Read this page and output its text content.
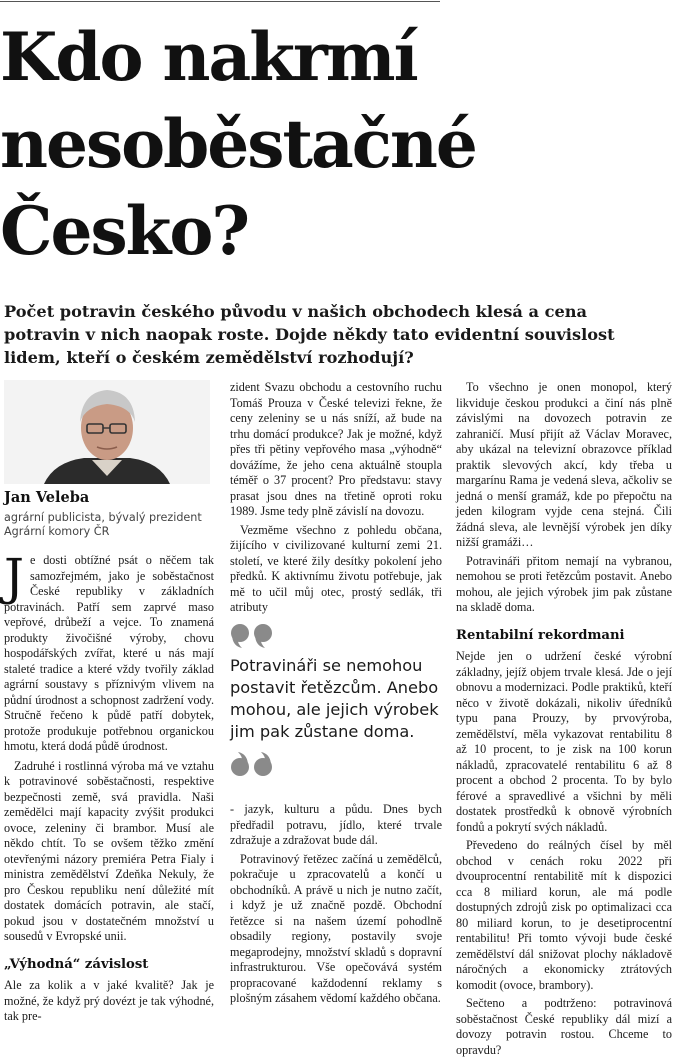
Kdo nakrmí nesoběstačné Česko?

Počet potravin českého původu v našich obchodech klesá a cena potravin v nich naopak roste. Dojde někdy tato evidentní souvislost lidem, kteří o českém zemědělství rozhodují?

Jan Veleba

agrární publicista, bývalý prezident Agrární komory ČR

Je dosti obtížné psát o něčem tak samozřejmém, jako je soběstačnost České republiky v základních potravinách. Patří sem zaprvé maso vepřové, drůbeží a vejce. To znamená produkty živočišné výroby, chovu hospodářských zvířat, které u nás mají staleté tradice a které vždy tvořily základ agrární soustavy s příznivým vlivem na půdní úrodnost a schopnost zadržení vody. Stručně řečeno k půdě patří dobytek, protože produkuje potřebnou organickou hmotu, která dodá půdě úrodnost.

Zadruhé i rostlinná výroba má ve vztahu k potravinové soběstačnosti, respektive bezpečnosti země, svá pravidla. Naši zemědělci mají kapacity zvýšit produkci ovoce, zeleniny či brambor. Musí ale někdo chtít. To se ovšem těžko změní otevřenými názory premiéra Petra Fialy i ministra zemědělství Zdeňka Nekuly, že pro Českou republiku není důležité mít dostatek domácích potravin, ale stačí, pokud jsou v dostatečném množství u sousedů v Evropské unii.

„Výhodná“ závislost

Ale za kolik a v jaké kvalitě? Jak je možné, že když prý dovézt je tak výhodné, tak pre-

zident Svazu obchodu a cestovního ruchu Tomáš Prouza v České televizi řekne, že ceny zeleniny se u nás sníží, až bude na trhu domácí produkce? Jak je možné, když přes tři pětiny vepřového masa „výhodně“ dovážíme, že jeho cena aktuálně stoupla téměř o 37 procent? Pro představu: stavy prasat jsou dnes na třetině oproti roku 1989. Jsme tedy plně závislí na dovozu.

Vezměme všechno z pohledu občana, žijícího v civilizované kulturní zemi 21. století, ve které žily desítky pokolení jeho předků. K aktivnímu životu potřebuje, jak mě to učil můj otec, prostý sedlák, tři atributy

Potravináři se nemohou postavit řetězcům. Anebo mohou, ale jejich výrobek jim pak zůstane doma.

- jazyk, kulturu a půdu. Dnes bych předřadil potravu, jídlo, které trvale zdražuje a zdražovat bude dál.

Potravinový řetězec začíná u zemědělců, pokračuje u zpracovatelů a končí u obchodníků. A právě u nich je nutno začít, i když je už značně pozdě. Obchodní řetězce si na našem území pohodlně obsadily regiony, postavily svoje megaprodejny, množství skladů s dopravní infrastrukturou. Vše opečovává systém propracované každodenní reklamy s plošným zásahem vědomí každého občana.

To všechno je onen monopol, který likviduje českou produkci a činí nás plně závislými na dovozech potravin ze zahraničí. Musí přijít až Václav Moravec, aby ukázal na televizní obrazovce příklad praktik slevových akcí, kdy třeba u margarínu Rama je vedená sleva, ačkoliv se jedná o menší gramáž, kde po přepočtu na jeden kilogram vyjde cena stejná. Čili žádná sleva, ale levnější výrobek jen díky nižší gramáži…

Potravináři přitom nemají na vybranou, nemohou se proti řetězcům postavit. Anebo mohou, ale jejich výrobek jim pak zůstane na skladě doma.

Rentabilní rekordmani

Nejde jen o udržení české výrobní základny, jejíž objem trvale klesá. Jde o její obnovu a modernizaci. Podle praktiků, kteří něco v životě dokázali, nikoliv úředníků typu pana Prouzy, by prvovýroba, zemědělství, měla vykazovat rentabilitu 8 až 10 procent, to je zisk na 100 korun nákladů, zpracovatelé rentabilitu 6 až 8 procent a obchod 2 procenta. To by bylo férové a spravedlivé a všichni by měli dostatek prostředků k obnově výrobních fondů a pokrytí svých nákladů.

Převedeno do reálných čísel by měl obchod v cenách roku 2022 při dvouprocentní rentabilitě mít k dispozici cca 8 miliard korun, ale má podle dostupných zdrojů zisk po optimalizaci cca 80 miliard korun, to je desetiprocentní rentabilitu! Při tomto vývoji bude české zemědělství dál snižovat plochy nákladově náročných a ekonomicky ztrátových komodit (ovoce, brambory).

Sečteno a podtrženo: potravinová soběstačnost České republiky dál mizí a dovozy potravin rostou. Chceme to opravdu?
